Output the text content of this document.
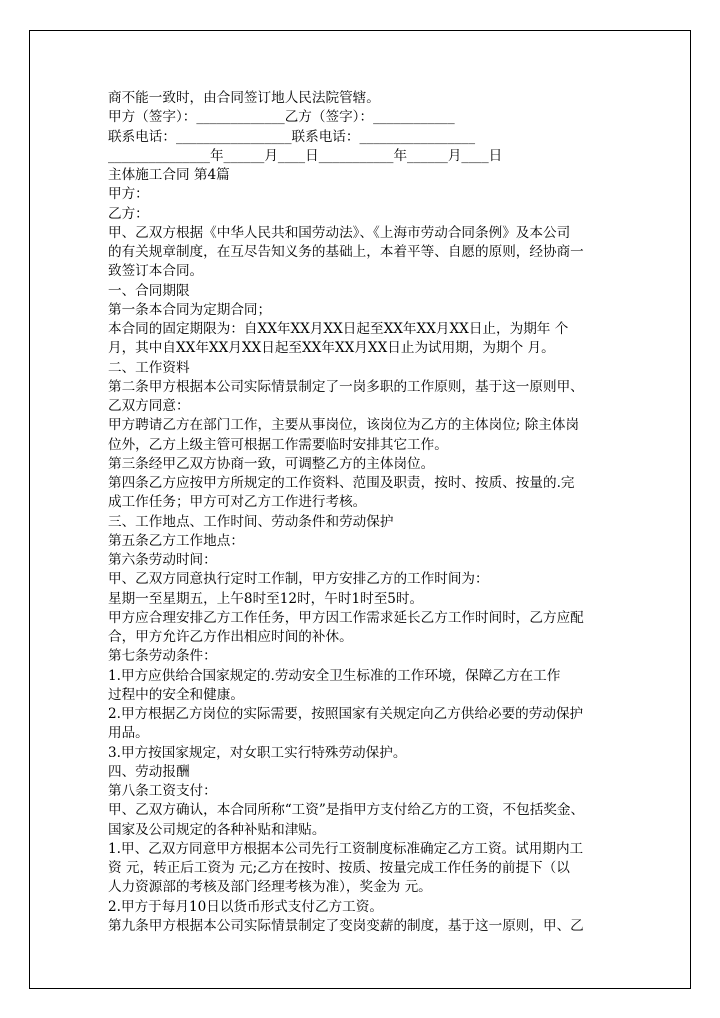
商不能一致时，由合同签订地人民法院管辖。
甲方（签字）：_____________乙方（签字）：____________
联系电话：_________________联系电话：_________________
_______________年______月____日___________年______月____日
主体施工合同 第4篇
甲方：
乙方：
甲、乙双方根据《中华人民共和国劳动法》、《上海市劳动合同条例》及本公司
的有关规章制度，在互尽告知义务的基础上，本着平等、自愿的原则，经协商一
致签订本合同。
一、合同期限
第一条本合同为定期合同；
本合同的固定期限为：自XX年XX月XX日起至XX年XX月XX日止，为期年 个
月，其中自XX年XX月XX日起至XX年XX月XX日止为试用期，为期个 月。
二、工作资料
第二条甲方根据本公司实际情景制定了一岗多职的工作原则，基于这一原则甲、
乙双方同意：
甲方聘请乙方在部门工作，主要从事岗位，该岗位为乙方的主体岗位; 除主体岗
位外，乙方上级主管可根据工作需要临时安排其它工作。
第三条经甲乙双方协商一致，可调整乙方的主体岗位。
第四条乙方应按甲方所规定的工作资料、范围及职责，按时、按质、按量的.完
成工作任务；甲方可对乙方工作进行考核。
三、工作地点、工作时间、劳动条件和劳动保护
第五条乙方工作地点：
第六条劳动时间：
甲、乙双方同意执行定时工作制，甲方安排乙方的工作时间为：
星期一至星期五，上午8时至12时，午时1时至5时。
甲方应合理安排乙方工作任务，甲方因工作需求延长乙方工作时间时，乙方应配
合，甲方允许乙方作出相应时间的补休。
第七条劳动条件：
1.甲方应供给合国家规定的.劳动安全卫生标准的工作环境，保障乙方在工作
过程中的安全和健康。
2.甲方根据乙方岗位的实际需要，按照国家有关规定向乙方供给必要的劳动保护
用品。
3.甲方按国家规定，对女职工实行特殊劳动保护。
四、劳动报酬
第八条工资支付：
甲、乙双方确认，本合同所称“工资”是指甲方支付给乙方的工资，不包括奖金、
国家及公司规定的各种补贴和津贴。
1.甲、乙双方同意甲方根据本公司先行工资制度标准确定乙方工资。试用期内工
资 元，转正后工资为 元;乙方在按时、按质、按量完成工作任务的前提下（以
人力资源部的考核及部门经理考核为准），奖金为 元。
2.甲方于每月10日以货币形式支付乙方工资。
第九条甲方根据本公司实际情景制定了变岗变薪的制度，基于这一原则，甲、乙
